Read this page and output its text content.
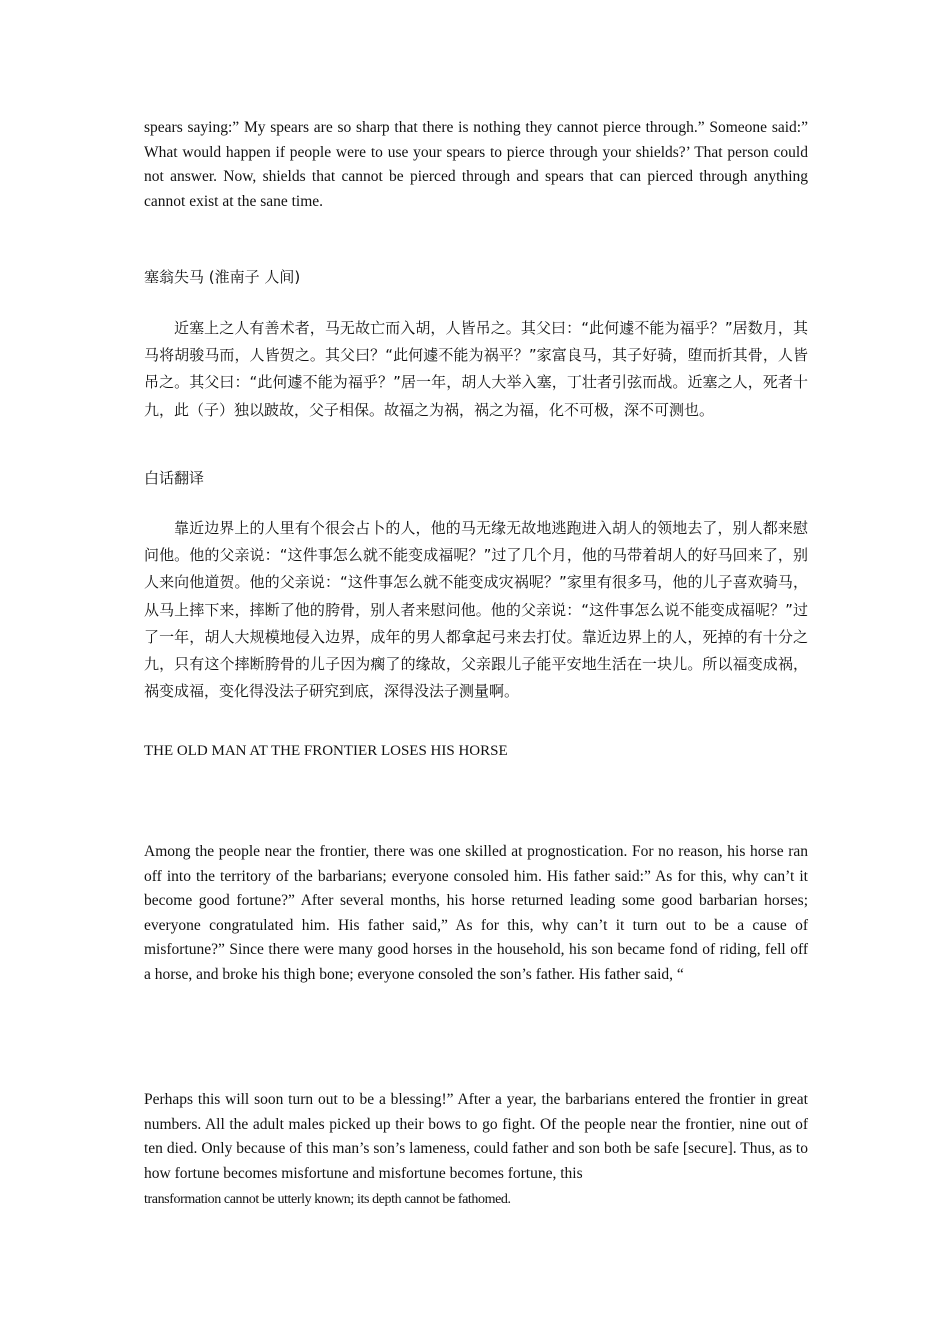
spears saying:” My spears are so sharp that there is nothing they cannot pierce through.” Someone said:” What would happen if people were to use your spears to pierce through your shields?’ That person could not answer. Now, shields that cannot be pierced through and spears that can pierced through anything cannot exist at the sane time.

塞翁失马 (淮南子 人间)

近塞上之人有善术者，马无故亡而入胡，人皆吊之。其父曰：“此何遽不能为福乎？”居数月，其马将胡骏马而，人皆贺之。其父曰？“此何遽不能为祸平？”家富良马，其子好骑，堕而折其骨，人皆吊之。其父曰：“此何遽不能为福乎？”居一年，胡人大举入塞，丁壮者引弦而战。近塞之人，死者十九，此（子）独以跛故，父子相保。故福之为祸，祸之为福，化不可极，深不可测也。

白话翻译

靠近边界上的人里有个很会占卜的人，他的马无缘无故地逃跑进入胡人的领地去了，别人都来慰问他。他的父亲说：“这件事怎么就不能变成福呢？”过了几个月，他的马带着胡人的好马回来了，别人来向他道贺。他的父亲说：“这件事怎么就不能变成灾祸呢？”家里有很多马，他的儿子喜欢骑马，从马上摔下来，摔断了他的胯骨，别人者来慰问他。他的父亲说：“这件事怎么说不能变成福呢？”过了一年，胡人大规模地侵入边界，成年的男人都拿起弓来去打仗。靠近边界上的人，死掉的有十分之九，只有这个摔断胯骨的儿子因为瘸了的缘故，父亲跟儿子能平安地生活在一块儿。所以福变成祸，祸变成福，变化得没法子研究到底，深得没法子测量啊。

THE OLD MAN AT THE FRONTIER LOSES HIS HORSE

Among the people near the frontier, there was one skilled at prognostication. For no reason, his horse ran off into the territory of the barbarians; everyone consoled him. His father said:” As for this, why can’t it become good fortune?” After several months, his horse returned leading some good barbarian horses; everyone congratulated him. His father said,” As for this, why can’t it turn out to be a cause of misfortune?” Since there were many good horses in the household, his son became fond of riding, fell off a horse, and broke his thigh bone; everyone consoled the son’s father. His father said, “

Perhaps this will soon turn out to be a blessing!” After a year, the barbarians entered the frontier in great numbers. All the adult males picked up their bows to go fight. Of the people near the frontier, nine out of ten died. Only because of this man’s son’s lameness, could father and son both be safe [secure]. Thus, as to how fortune becomes misfortune and misfortune becomes fortune, this

transformation cannot be utterly known; its depth cannot be fathomed.
